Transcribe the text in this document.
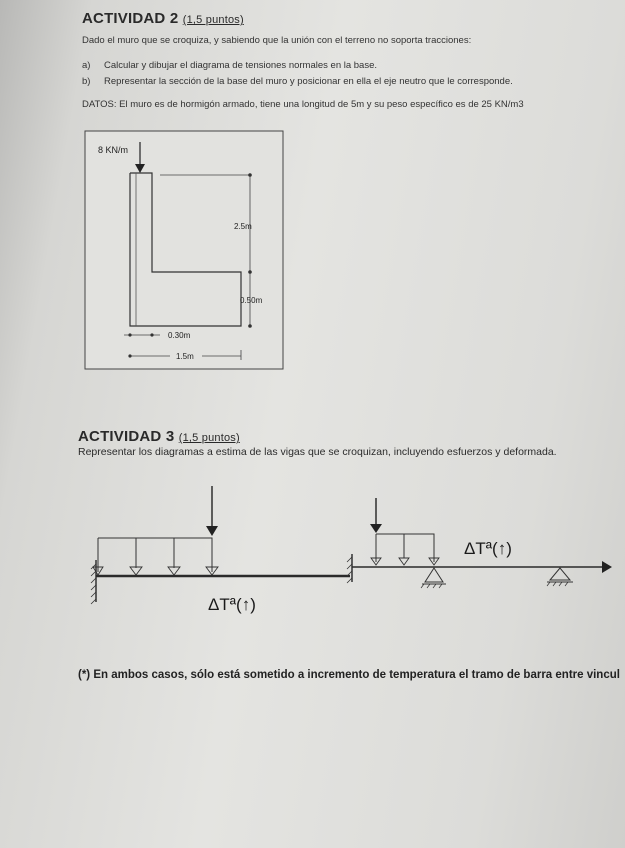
ACTIVIDAD 2 (1,5 puntos)
Dado el muro que se croquiza, y sabiendo que la unión con el terreno no soporta tracciones:
a) Calcular y dibujar el diagrama de tensiones normales en la base.
b) Representar la sección de la base del muro y posicionar en ella el eje neutro que le corresponde.
DATOS: El muro es de hormigón armado, tiene una longitud de 5m y su peso específico es de 25 KN/m3
8 KN/m
2.5m
0.50m
0.30m
1.5m
ACTIVIDAD 3 (1,5 puntos)
Representar los diagramas a estima de las vigas que se croquizan, incluyendo esfuerzos y deformada.
ΔTª(↑)
ΔTª(↑)
(*) En ambos casos, sólo está sometido a incremento de temperatura el tramo de barra entre vincul
